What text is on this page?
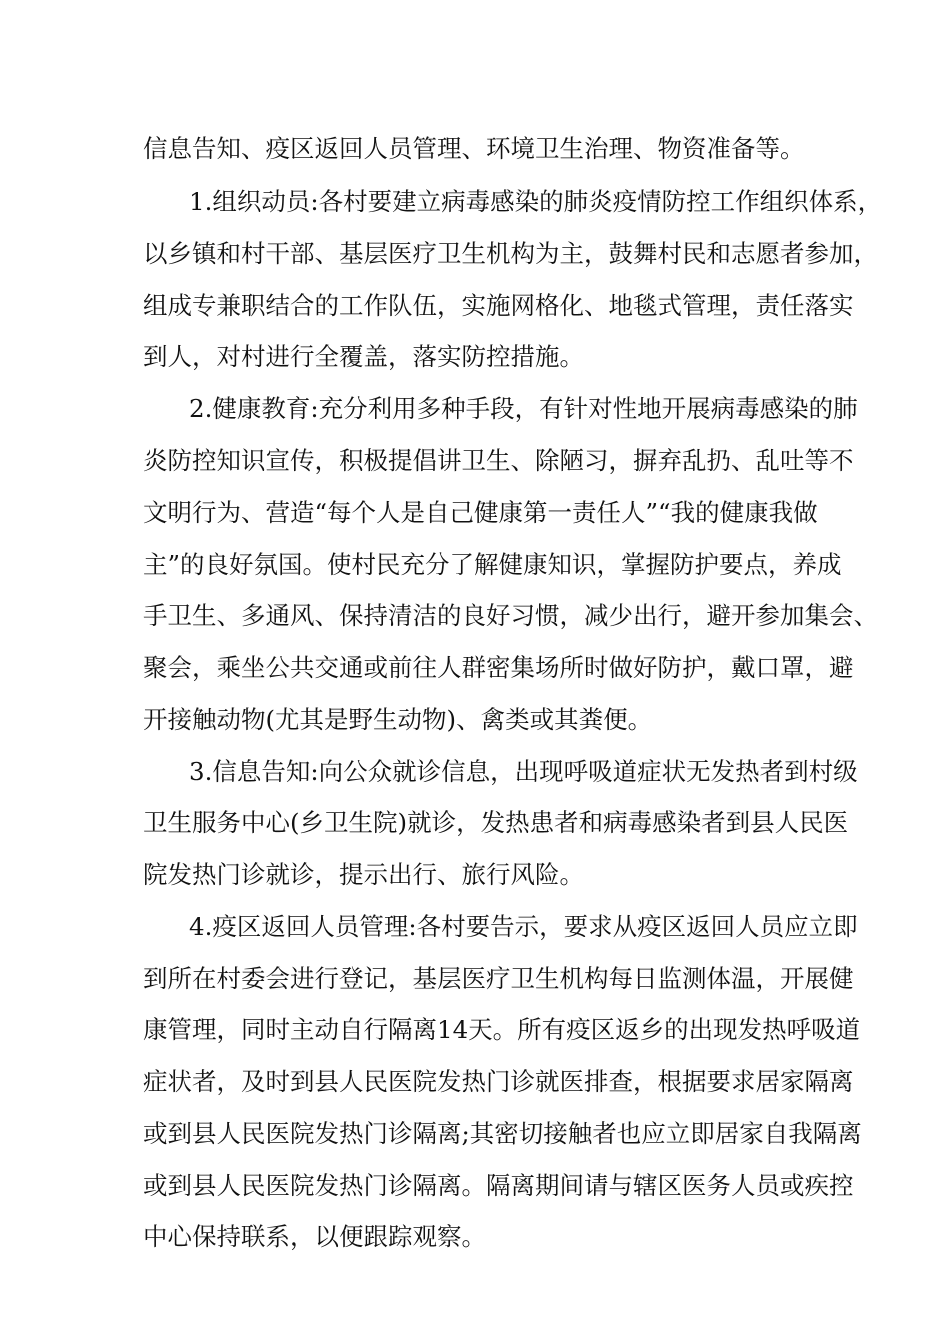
信息告知、疫区返回人员管理、环境卫生治理、物资准备等。
1.组织动员:各村要建立病毒感染的肺炎疫情防控工作组织体系，
以乡镇和村干部、基层医疗卫生机构为主，鼓舞村民和志愿者参加，
组成专兼职结合的工作队伍，实施网格化、地毯式管理，责任落实
到人，对村进行全覆盖，落实防控措施。
2.健康教育:充分利用多种手段，有针对性地开展病毒感染的肺
炎防控知识宣传，积极提倡讲卫生、除陋习，摒弃乱扔、乱吐等不
文明行为、营造“每个人是自己健康第一责任人”“我的健康我做
主”的良好氛国。使村民充分了解健康知识，掌握防护要点，养成
手卫生、多通风、保持清洁的良好习惯，减少出行，避开参加集会、
聚会，乘坐公共交通或前往人群密集场所时做好防护，戴口罩，避
开接触动物(尤其是野生动物)、禽类或其粪便。
3.信息告知:向公众就诊信息，出现呼吸道症状无发热者到村级
卫生服务中心(乡卫生院)就诊，发热患者和病毒感染者到县人民医
院发热门诊就诊，提示出行、旅行风险。
4.疫区返回人员管理:各村要告示，要求从疫区返回人员应立即
到所在村委会进行登记，基层医疗卫生机构每日监测体温，开展健
康管理，同时主动自行隔离14天。所有疫区返乡的出现发热呼吸道
症状者，及时到县人民医院发热门诊就医排查，根据要求居家隔离
或到县人民医院发热门诊隔离;其密切接触者也应立即居家自我隔离
或到县人民医院发热门诊隔离。隔离期间请与辖区医务人员或疾控
中心保持联系，以便跟踪观察。
